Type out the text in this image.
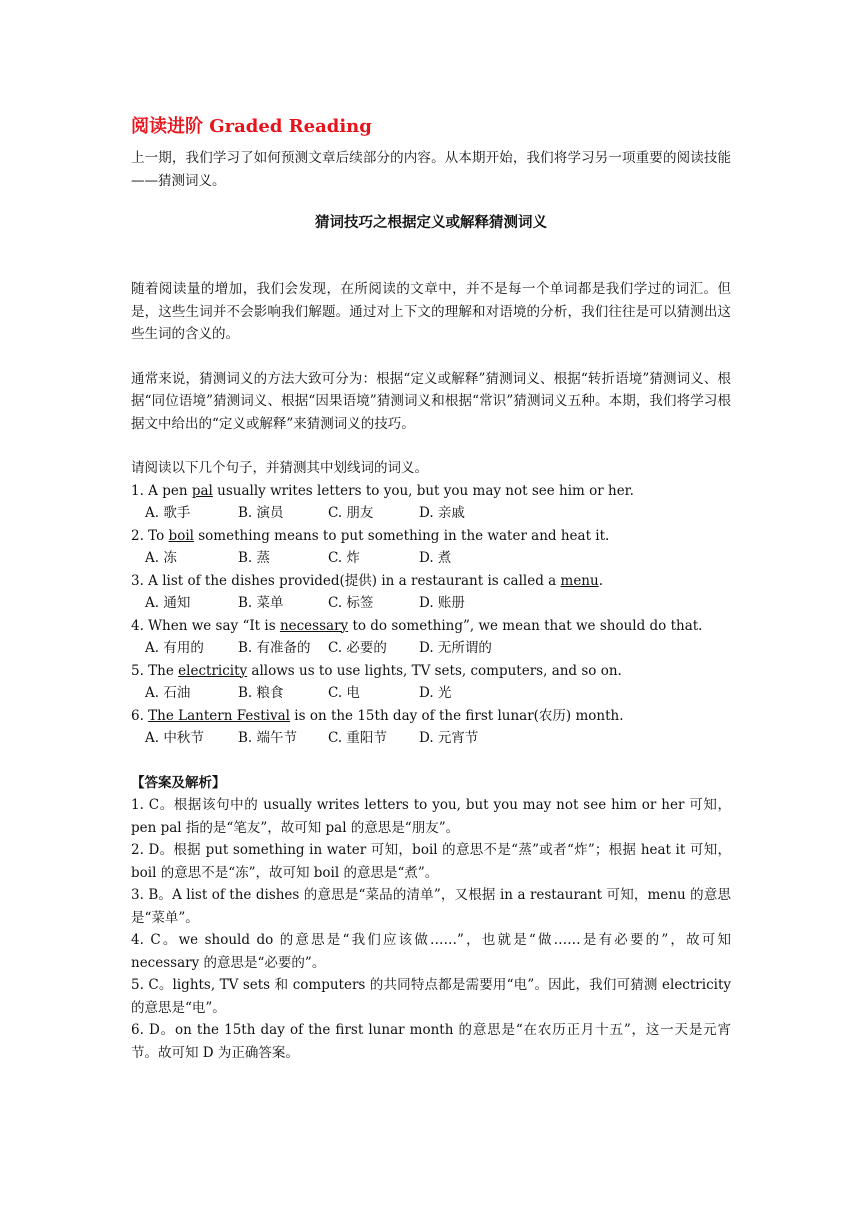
阅读进阶 Graded Reading

上一期，我们学习了如何预测文章后续部分的内容。从本期开始，我们将学习另一项重要的阅读技能——猜测词义。

猜词技巧之根据定义或解释猜测词义

随着阅读量的增加，我们会发现，在所阅读的文章中，并不是每一个单词都是我们学过的词汇。但是，这些生词并不会影响我们解题。通过对上下文的理解和对语境的分析，我们往往是可以猜测出这些生词的含义的。

通常来说，猜测词义的方法大致可分为：根据“定义或解释”猜测词义、根据“转折语境”猜测词义、根据“同位语境”猜测词义、根据“因果语境”猜测词义和根据“常识”猜测词义五种。本期，我们将学习根据文中给出的“定义或解释”来猜测词义的技巧。

请阅读以下几个句子，并猜测其中划线词的词义。

1. A pen pal usually writes letters to you, but you may not see him or her.

A. 歌手	B. 演员	C. 朋友	D. 亲戚

2. To boil something means to put something in the water and heat it.

A. 冻	B. 蒸	C. 炸	D. 煮

3. A list of the dishes provided(提供) in a restaurant is called a menu.

A. 通知	B. 菜单	C. 标签	D. 账册

4. When we say “It is necessary to do something”, we mean that we should do that.

A. 有用的	B. 有准备的	C. 必要的	D. 无所谓的

5. The electricity allows us to use lights, TV sets, computers, and so on.

A. 石油	B. 粮食	C. 电	D. 光

6. The Lantern Festival is on the 15th day of the first lunar(农历) month.

A. 中秋节	B. 端午节	C. 重阳节	D. 元宵节

【答案及解析】

1. C。根据该句中的 usually writes letters to you, but you may not see him or her 可知，pen pal 指的是“笔友”，故可知 pal 的意思是“朋友”。

2. D。根据 put something in water 可知，boil 的意思不是“蒸”或者“炸”；根据 heat it 可知，boil 的意思不是“冻”，故可知 boil 的意思是“煮”。

3. B。A list of the dishes 的意思是“菜品的清单”，又根据 in a restaurant 可知，menu 的意思是“菜单”。

4. C。we should do 的意思是“我们应该做……”，也就是“做……是有必要的”，故可知 necessary 的意思是“必要的”。

5. C。lights, TV sets 和 computers 的共同特点都是需要用“电”。因此，我们可猜测 electricity 的意思是“电”。

6. D。on the 15th day of the first lunar month 的意思是“在农历正月十五”，这一天是元宵节。故可知 D 为正确答案。
